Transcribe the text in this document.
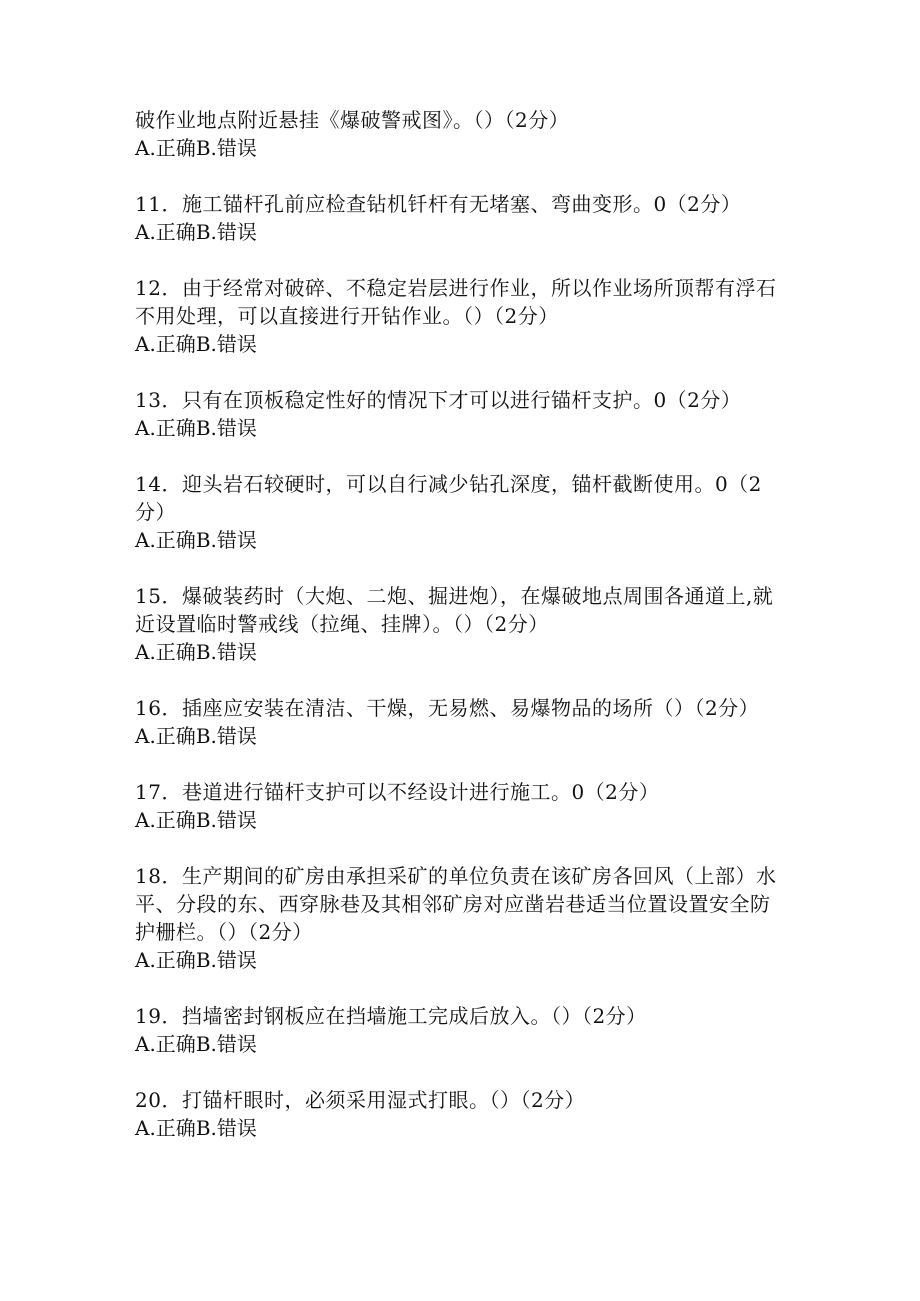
破作业地点附近悬挂《爆破警戒图》。（）（2分）

A.正确B.错误

11．施工锚杆孔前应检查钻机钎杆有无堵塞、弯曲变形。0（2分）

A.正确B.错误

12．由于经常对破碎、不稳定岩层进行作业，所以作业场所顶帮有浮石不用处理，可以直接进行开钻作业。（）（2分）

A.正确B.错误

13．只有在顶板稳定性好的情况下才可以进行锚杆支护。0（2分）

A.正确B.错误

14．迎头岩石较硬时，可以自行减少钻孔深度，锚杆截断使用。0（2分）

A.正确B.错误

15．爆破装药时（大炮、二炮、掘进炮），在爆破地点周围各通道上,就近设置临时警戒线（拉绳、挂牌）。（）（2分）

A.正确B.错误

16．插座应安装在清洁、干燥，无易燃、易爆物品的场所（）（2分）

A.正确B.错误

17．巷道进行锚杆支护可以不经设计进行施工。0（2分）

A.正确B.错误

18．生产期间的矿房由承担采矿的单位负责在该矿房各回风（上部）水平、分段的东、西穿脉巷及其相邻矿房对应凿岩巷适当位置设置安全防护栅栏。（）（2分）

A.正确B.错误

19．挡墙密封钢板应在挡墙施工完成后放入。（）（2分）

A.正确B.错误

20．打锚杆眼时，必须采用湿式打眼。（）（2分）

A.正确B.错误
